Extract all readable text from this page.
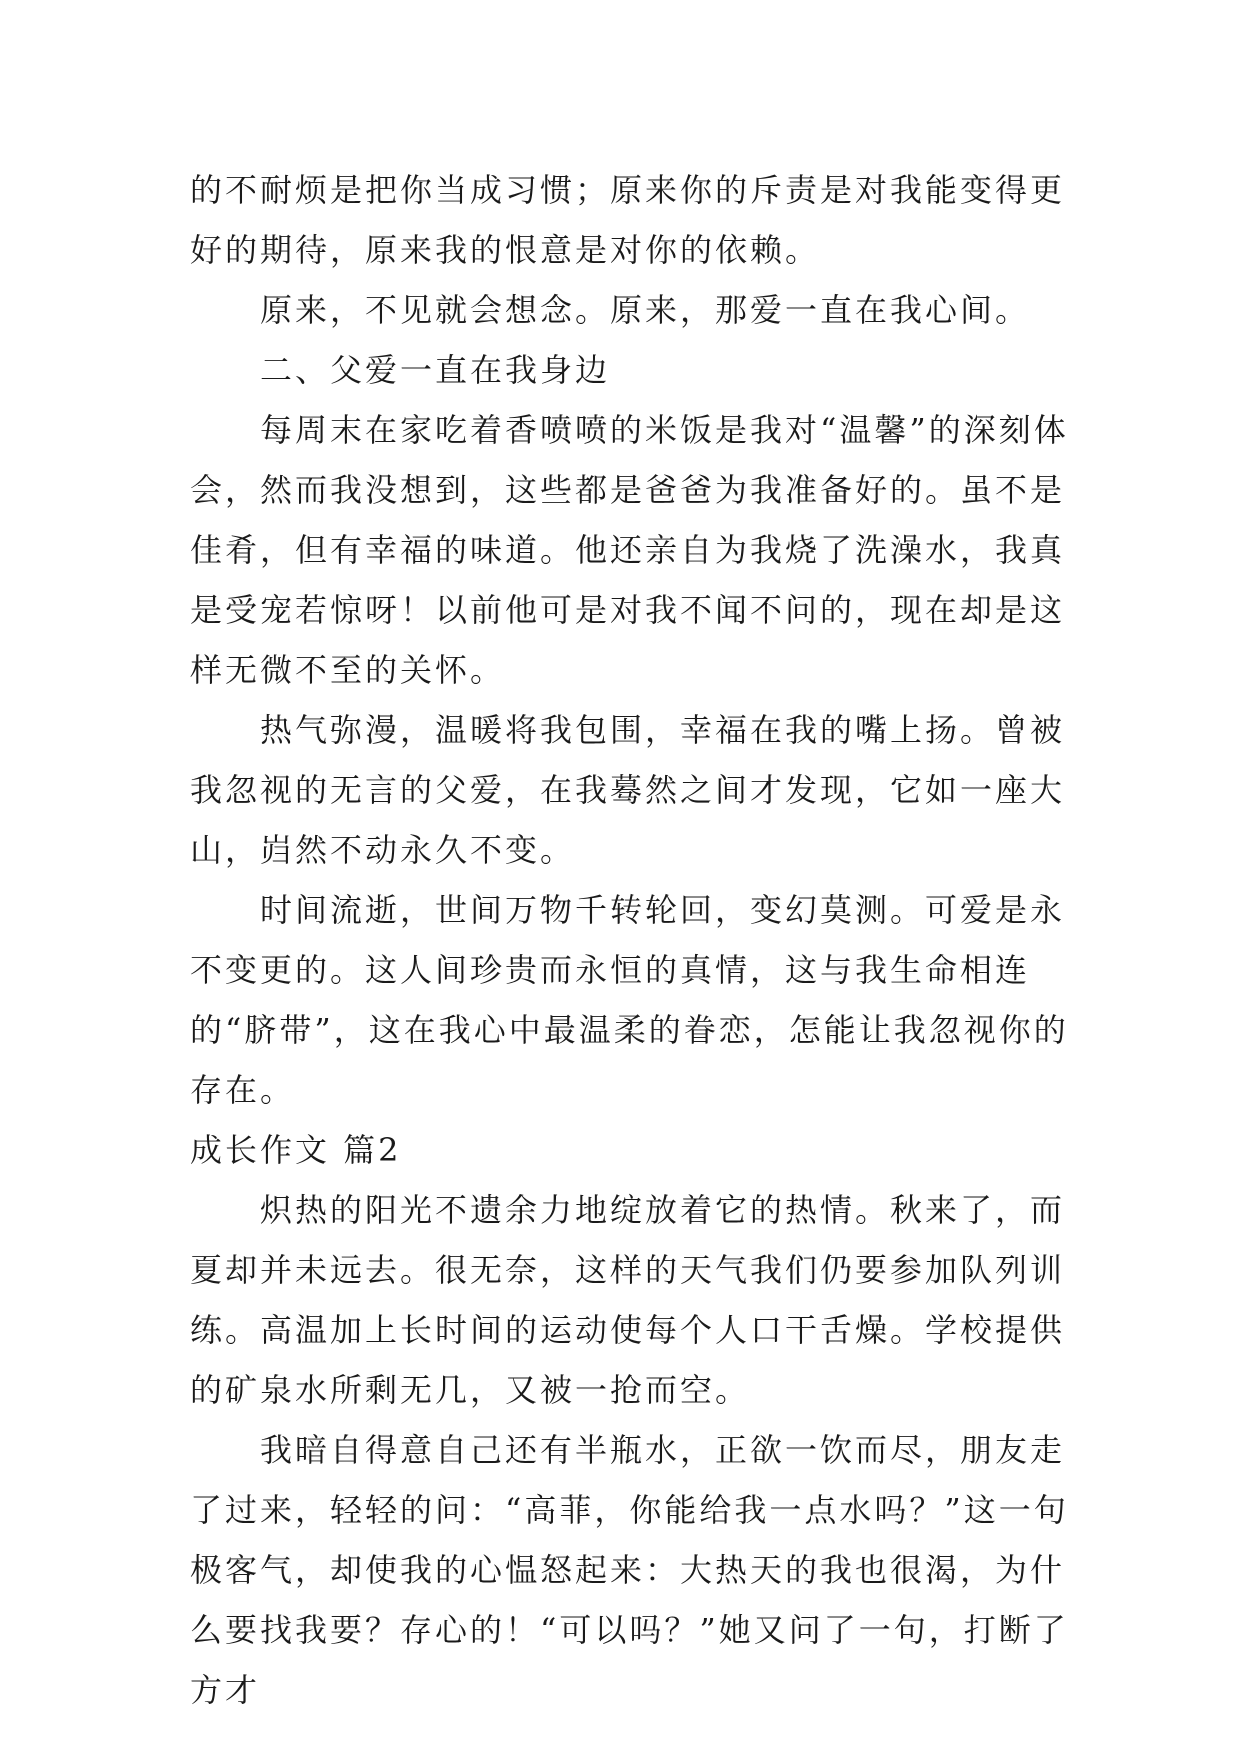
的不耐烦是把你当成习惯；原来你的斥责是对我能变得更好的期待，原来我的恨意是对你的依赖。

原来，不见就会想念。原来，那爱一直在我心间。

二、父爱一直在我身边

每周末在家吃着香喷喷的米饭是我对“温馨”的深刻体会，然而我没想到，这些都是爸爸为我准备好的。虽不是佳肴，但有幸福的味道。他还亲自为我烧了洗澡水，我真是受宠若惊呀！以前他可是对我不闻不问的，现在却是这样无微不至的关怀。

热气弥漫，温暖将我包围，幸福在我的嘴上扬。曾被我忽视的无言的父爱，在我蓦然之间才发现，它如一座大山，岿然不动永久不变。

时间流逝，世间万物千转轮回，变幻莫测。可爱是永不变更的。这人间珍贵而永恒的真情，这与我生命相连的“脐带”，这在我心中最温柔的眷恋，怎能让我忽视你的存在。

成长作文 篇2

炽热的阳光不遗余力地绽放着它的热情。秋来了，而夏却并未远去。很无奈，这样的天气我们仍要参加队列训练。高温加上长时间的运动使每个人口干舌燥。学校提供的矿泉水所剩无几，又被一抢而空。

我暗自得意自己还有半瓶水，正欲一饮而尽，朋友走了过来，轻轻的问：“高菲，你能给我一点水吗？”这一句极客气，却使我的心愠怒起来：大热天的我也很渴，为什么要找我要？存心的！“可以吗？”她又问了一句，打断了方才
